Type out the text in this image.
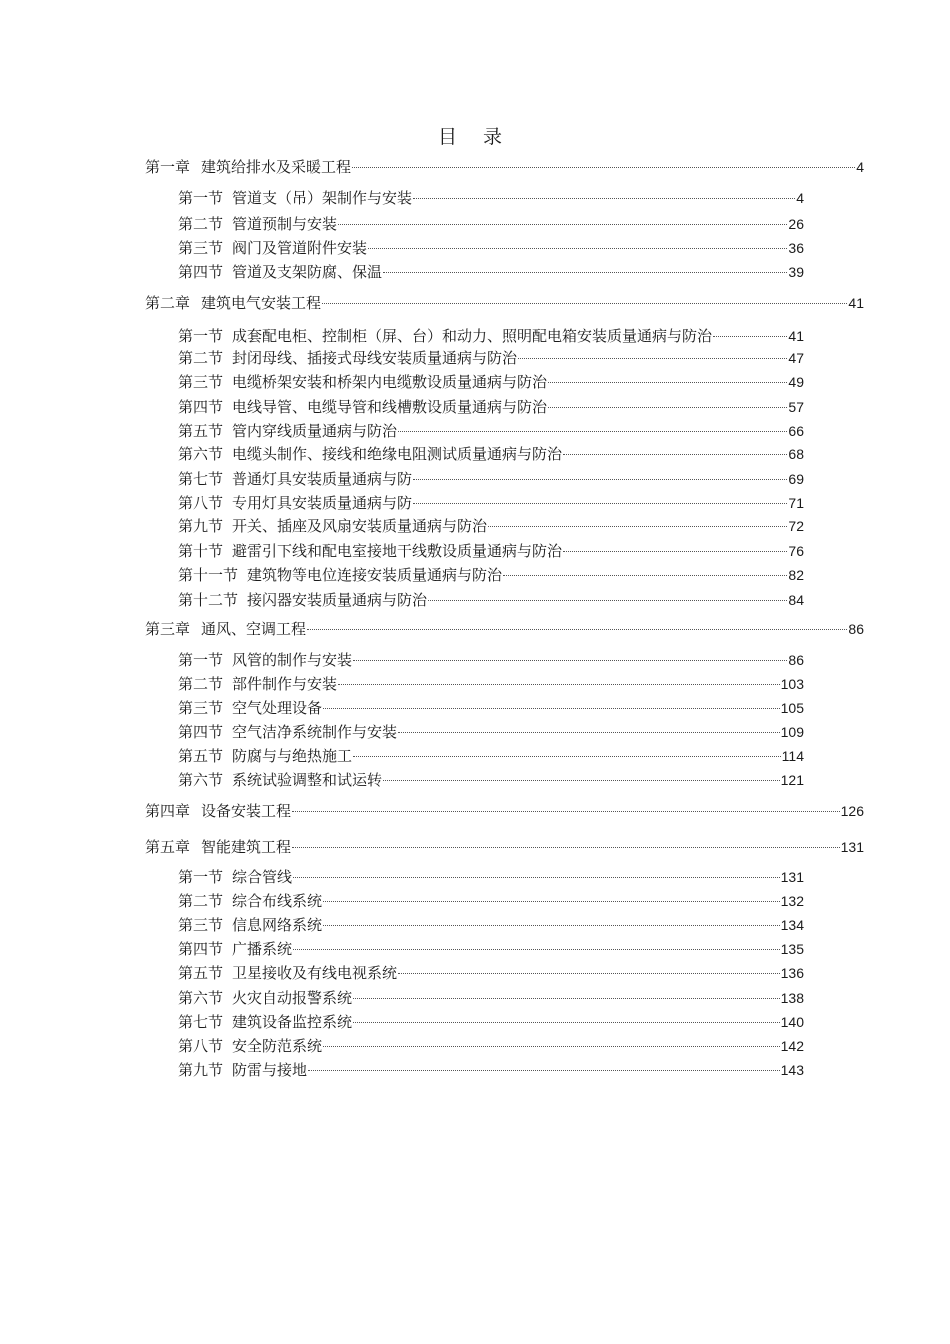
目 录
第一章 建筑给排水及采暖工程	4
第一节 管道支（吊）架制作与安装	4
第二节 管道预制与安装	26
第三节 阀门及管道附件安装	36
第四节 管道及支架防腐、保温	39
第二章 建筑电气安装工程	41
第一节 成套配电柜、控制柜（屏、台）和动力、照明配电箱安装质量通病与防治	41
第二节 封闭母线、插接式母线安装质量通病与防治	47
第三节 电缆桥架安装和桥架内电缆敷设质量通病与防治	49
第四节 电线导管、电缆导管和线槽敷设质量通病与防治	57
第五节 管内穿线质量通病与防治	66
第六节 电缆头制作、接线和绝缘电阻测试质量通病与防治	68
第七节 普通灯具安装质量通病与防	69
第八节 专用灯具安装质量通病与防	71
第九节 开关、插座及风扇安装质量通病与防治	72
第十节 避雷引下线和配电室接地干线敷设质量通病与防治	76
第十一节 建筑物等电位连接安装质量通病与防治	82
第十二节 接闪器安装质量通病与防治	84
第三章 通风、空调工程	86
第一节 风管的制作与安装	86
第二节 部件制作与安装	103
第三节 空气处理设备	105
第四节 空气洁净系统制作与安装	109
第五节 防腐与与绝热施工	114
第六节 系统试验调整和试运转	121
第四章 设备安装工程	126
第五章 智能建筑工程	131
第一节 综合管线	131
第二节 综合布线系统	132
第三节 信息网络系统	134
第四节 广播系统	135
第五节 卫星接收及有线电视系统	136
第六节 火灾自动报警系统	138
第七节 建筑设备监控系统	140
第八节 安全防范系统	142
第九节 防雷与接地	143
